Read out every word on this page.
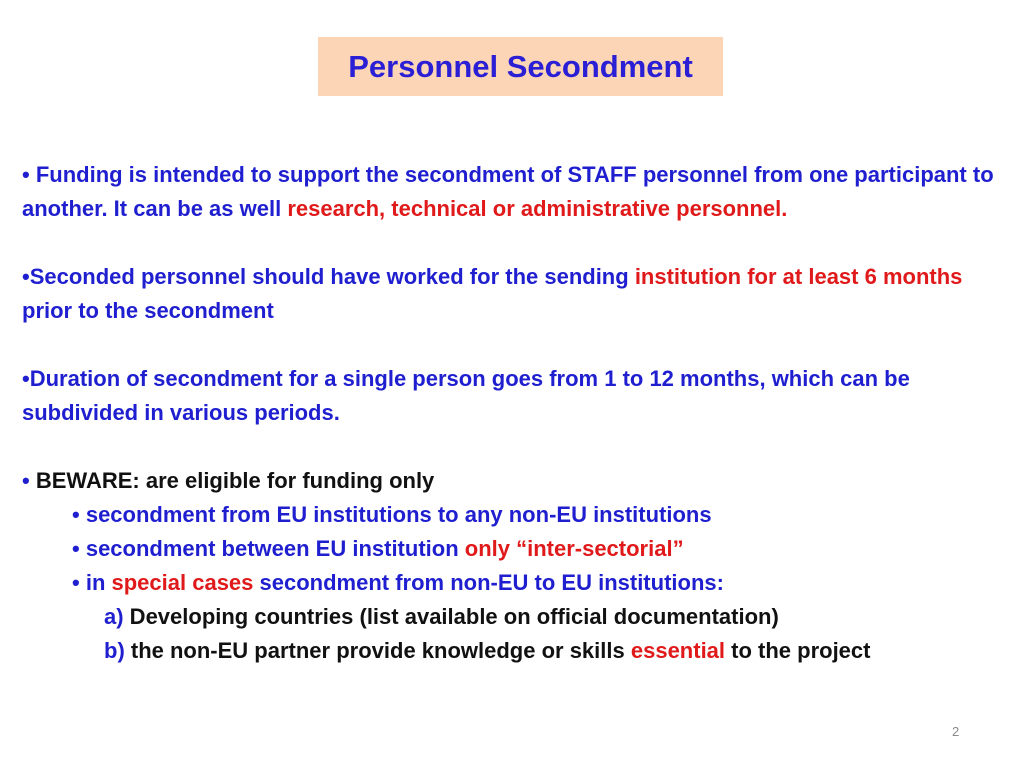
Personnel Secondment

• Funding is intended to support the secondment of STAFF personnel from one participant to another. It can be as well research, technical or administrative personnel.

•Seconded personnel should have worked for the sending institution for at least 6 months prior to the secondment

•Duration of secondment for a single person goes from 1 to 12 months, which can be subdivided in various periods.

• BEWARE: are eligible for funding only

• secondment from EU institutions to any non-EU institutions

• secondment between EU institution only “inter-sectorial”

• in special cases secondment from non-EU to EU institutions:

a) Developing countries (list available on official documentation)

b) the non-EU partner provide knowledge or skills essential to the project

2
